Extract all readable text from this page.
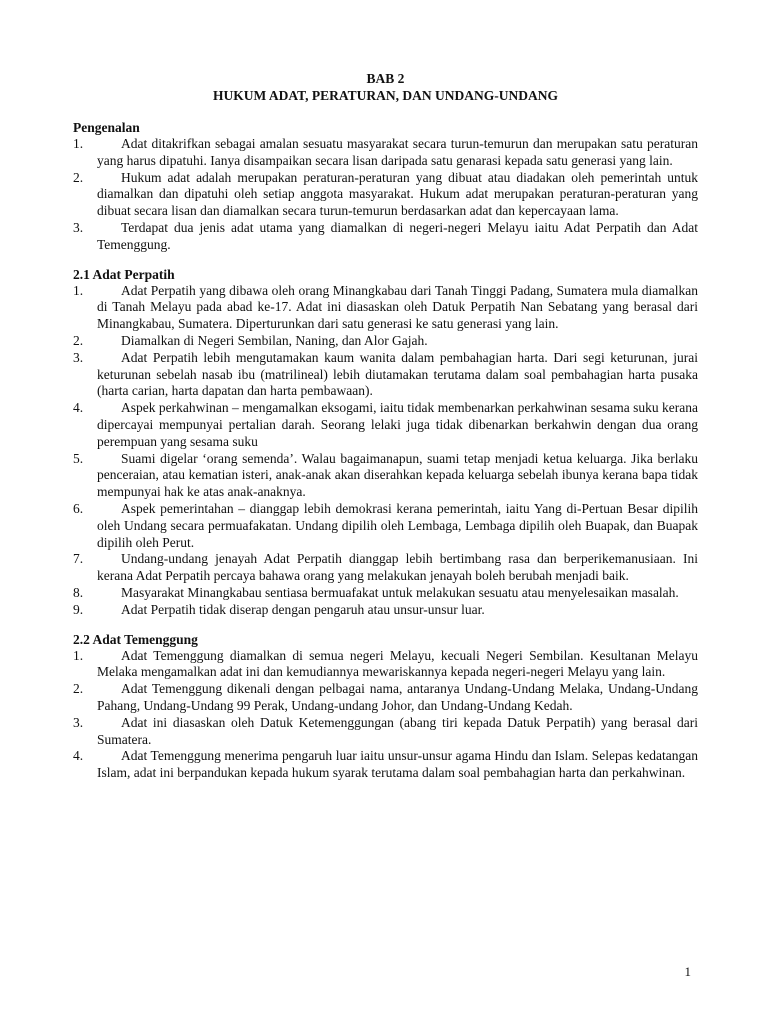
BAB 2
HUKUM ADAT, PERATURAN, DAN UNDANG-UNDANG
Pengenalan
1.	Adat ditakrifkan sebagai amalan sesuatu masyarakat secara turun-temurun dan merupakan satu peraturan yang harus dipatuhi. Ianya disampaikan secara lisan daripada satu genarasi kepada satu generasi yang lain.
2.	Hukum adat adalah merupakan peraturan-peraturan yang dibuat atau diadakan oleh pemerintah untuk diamalkan dan dipatuhi oleh setiap anggota masyarakat. Hukum adat merupakan peraturan-peraturan yang dibuat secara lisan dan diamalkan secara turun-temurun berdasarkan adat dan kepercayaan lama.
3.	Terdapat dua jenis adat utama yang diamalkan di negeri-negeri Melayu iaitu Adat Perpatih dan Adat Temenggung.
2.1 Adat Perpatih
1.	Adat Perpatih yang dibawa oleh orang Minangkabau dari Tanah Tinggi Padang, Sumatera mula diamalkan di Tanah Melayu pada abad ke-17. Adat ini diasaskan oleh Datuk Perpatih Nan Sebatang yang berasal dari Minangkabau, Sumatera. Diperturunkan dari satu generasi ke satu generasi yang lain.
2.	Diamalkan di Negeri Sembilan, Naning, dan Alor Gajah.
3.	Adat Perpatih lebih mengutamakan kaum wanita dalam pembahagian harta. Dari segi keturunan, jurai keturunan sebelah nasab ibu (matrilineal) lebih diutamakan terutama dalam soal pembahagian harta pusaka (harta carian, harta dapatan dan harta pembawaan).
4.	Aspek perkahwinan – mengamalkan eksogami, iaitu tidak membenarkan perkahwinan sesama suku kerana dipercayai mempunyai pertalian darah. Seorang lelaki juga tidak dibenarkan berkahwin dengan dua orang perempuan yang sesama suku
5.	Suami digelar ‘orang semenda’. Walau bagaimanapun, suami tetap menjadi ketua keluarga. Jika berlaku penceraian, atau kematian isteri, anak-anak akan diserahkan kepada keluarga sebelah ibunya kerana bapa tidak mempunyai hak ke atas anak-anaknya.
6.	Aspek pemerintahan – dianggap lebih demokrasi kerana pemerintah, iaitu Yang di-Pertuan Besar dipilih oleh Undang secara permuafakatan. Undang dipilih oleh Lembaga, Lembaga dipilih oleh Buapak, dan Buapak dipilih oleh Perut.
7.	Undang-undang jenayah Adat Perpatih dianggap lebih bertimbang rasa dan berperikemanusiaan. Ini kerana Adat Perpatih percaya bahawa orang yang melakukan jenayah boleh berubah menjadi baik.
8.	Masyarakat Minangkabau sentiasa bermuafakat untuk melakukan sesuatu atau menyelesaikan masalah.
9.	Adat Perpatih tidak diserap dengan pengaruh atau unsur-unsur luar.
2.2 Adat Temenggung
1.	Adat Temenggung diamalkan di semua negeri Melayu, kecuali Negeri Sembilan. Kesultanan Melayu Melaka mengamalkan adat ini dan kemudiannya mewariskannya kepada negeri-negeri Melayu yang lain.
2.	Adat Temenggung dikenali dengan pelbagai nama, antaranya Undang-Undang Melaka, Undang-Undang Pahang, Undang-Undang 99 Perak, Undang-undang Johor, dan Undang-Undang Kedah.
3.	Adat ini diasaskan oleh Datuk Ketemenggungan (abang tiri kepada Datuk Perpatih) yang berasal dari Sumatera.
4.	Adat Temenggung menerima pengaruh luar iaitu unsur-unsur agama Hindu dan Islam. Selepas kedatangan Islam, adat ini berpandukan kepada hukum syarak terutama dalam soal pembahagian harta dan perkahwinan.
1
